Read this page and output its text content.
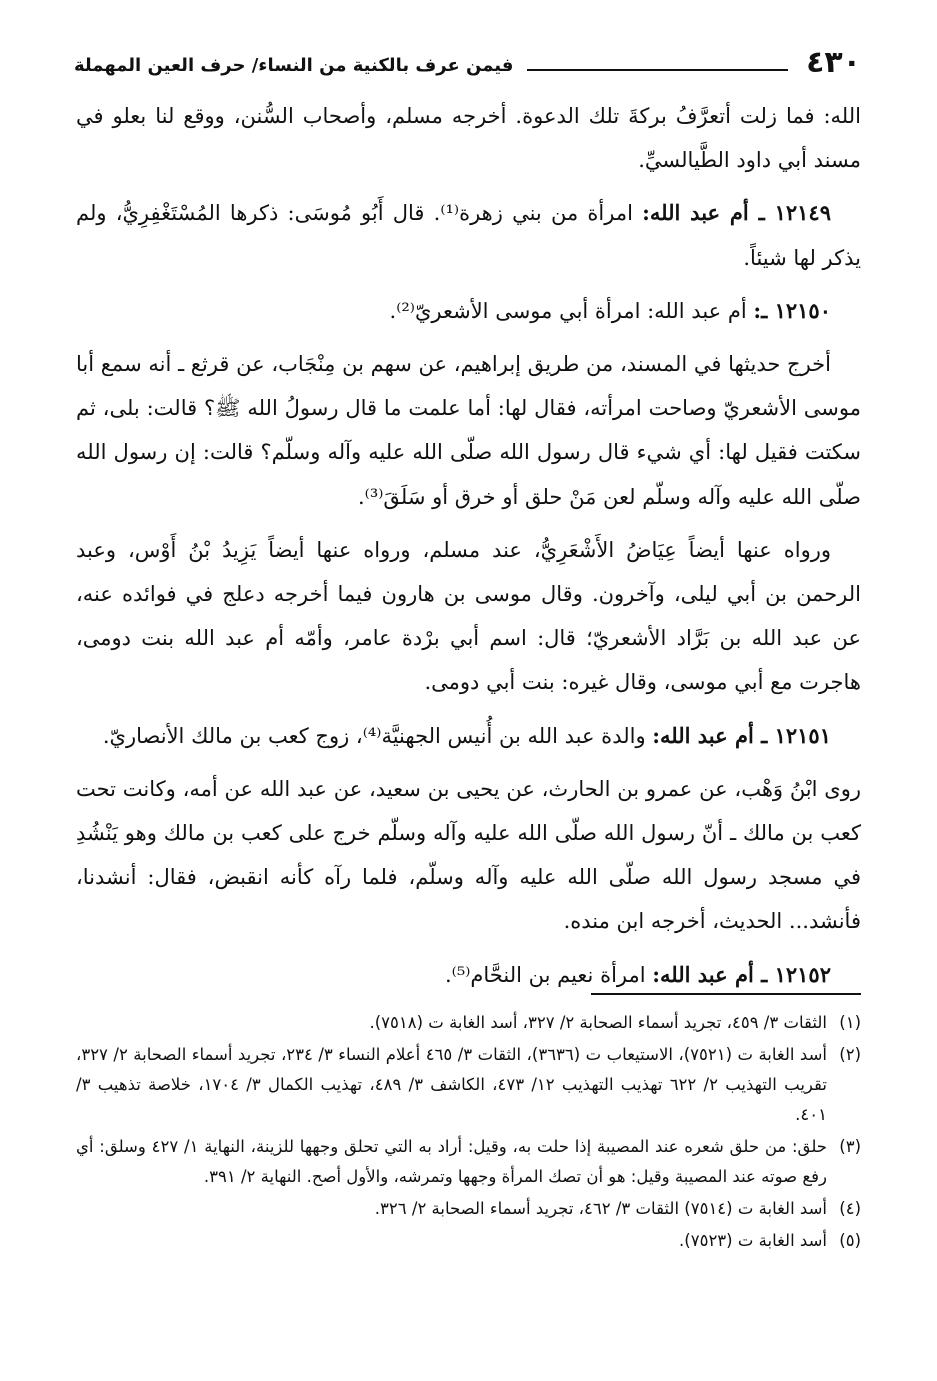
٤٣٠
فيمن عرف بالكنية من النساء/ حرف العين المهملة

الله: فما زلت أتعرَّفُ بركةَ تلك الدعوة. أخرجه مسلم، وأصحاب السُّنن، ووقع لنا بعلو في مسند أبي داود الطَّيالسيِّ.

١٢١٤٩ ـ أم عبد الله: امرأة من بني زهرة⁽¹⁾. قال أَبُو مُوسَى: ذكرها المُسْتَغْفِرِيُّ، ولم يذكر لها شيئاً.

١٢١٥٠ ـ: أم عبد الله: امرأة أبي موسى الأشعريّ⁽²⁾.

أخرج حديثها في المسند، من طريق إبراهيم، عن سهم بن مِنْجَاب، عن قرثع ـ أنه سمع أبا موسى الأشعريّ وصاحت امرأته، فقال لها: أما علمت ما قال رسولُ الله ﷺ؟ قالت: بلى، ثم سكتت فقيل لها: أي شيء قال رسول الله صلّى الله عليه وآله وسلّم؟ قالت: إن رسول الله صلّى الله عليه وآله وسلّم لعن مَنْ حلق أو خرق أو سَلَقَ⁽³⁾.

ورواه عنها أيضاً عِيَاضُ الأَشْعَرِيُّ، عند مسلم، ورواه عنها أيضاً يَزِيدُ بْنُ أَوْس، وعبد الرحمن بن أبي ليلى، وآخرون. وقال موسى بن هارون فيما أخرجه دعلج في فوائده عنه، عن عبد الله بن بَرَّاد الأشعريّ؛ قال: اسم أبي برْدة عامر، وأمّه أم عبد الله بنت دومى، هاجرت مع أبي موسى، وقال غيره: بنت أبي دومى.

١٢١٥١ ـ أم عبد الله: والدة عبد الله بن أُنيس الجهنيَّة⁽⁴⁾، زوج كعب بن مالك الأنصاريّ.

روى ابْنُ وَهْب، عن عمرو بن الحارث، عن يحيى بن سعيد، عن عبد الله عن أمه، وكانت تحت كعب بن مالك ـ أنّ رسول الله صلّى الله عليه وآله وسلّم خرج على كعب بن مالك وهو يَنْشُدِ في مسجد رسول الله صلّى الله عليه وآله وسلّم، فلما رآه كأنه انقبض، فقال: أنشدنا، فأنشد... الحديث، أخرجه ابن منده.

١٢١٥٢ ـ أم عبد الله: امرأة نعيم بن النحَّام⁽⁵⁾.

(١)
الثقات ٣/ ٤٥٩، تجريد أسماء الصحابة ٢/ ٣٢٧، أسد الغابة ت (٧٥١٨).
(٢)
أسد الغابة ت (٧٥٢١)، الاستيعاب ت (٣٦٣٦)، الثقات ٣/ ٤٦٥ أعلام النساء ٣/ ٢٣٤، تجريد أسماء الصحابة ٢/ ٣٢٧، تقريب التهذيب ٢/ ٦٢٢ تهذيب التهذيب ١٢/ ٤٧٣، الكاشف ٣/ ٤٨٩، تهذيب الكمال ٣/ ١٧٠٤، خلاصة تذهيب ٣/ ٤٠١.
(٣)
حلق: من حلق شعره عند المصيبة إذا حلت به، وقيل: أراد به التي تحلق وجهها للزينة، النهاية ١/ ٤٢٧ وسلق: أي رفع صوته عند المصيبة وقيل: هو أن تصك المرأة وجهها وتمرشه، والأول أصح. النهاية ٢/ ٣٩١.
(٤)
أسد الغابة ت (٧٥١٤) الثقات ٣/ ٤٦٢، تجريد أسماء الصحابة ٢/ ٣٢٦.
(٥)
أسد الغابة ت (٧٥٢٣).
